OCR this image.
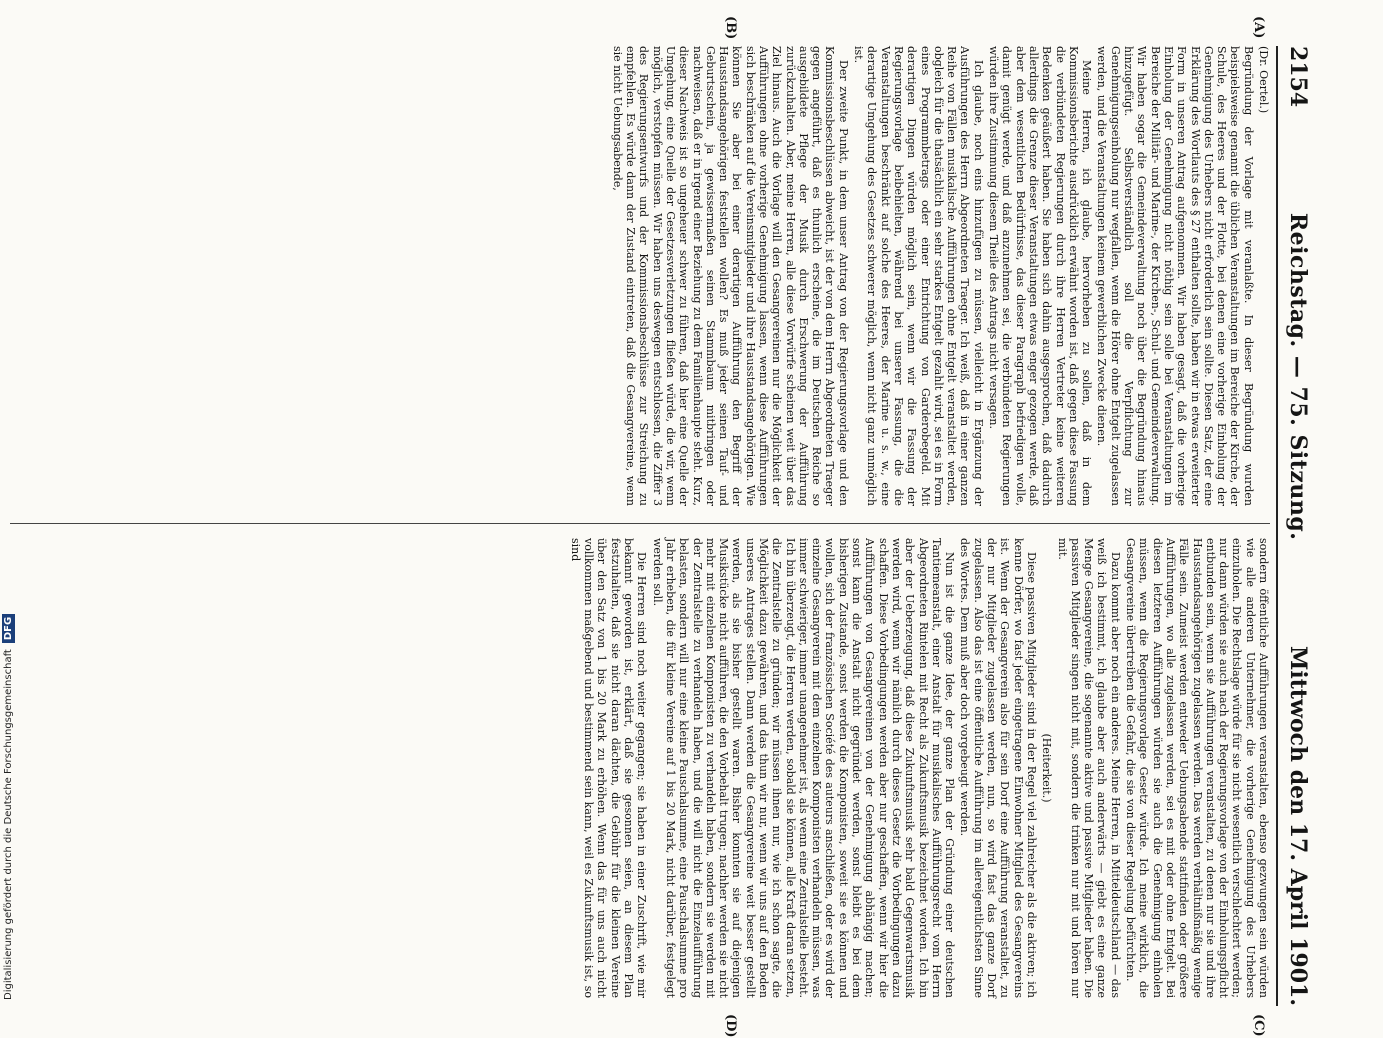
2154
Reichstag. — 75. Sitzung.
Mittwoch den 17. April 1901.
(A)
(B)
(C)
(D)

(Dr. Oertel.)

Begründung der Vorlage mit veranlaßte. In dieser Begründung wurden beispielsweise genannt die üblichen Veranstaltungen im Bereiche der Kirche, der Schule, des Heeres und der Flotte, bei denen eine vorherige Einholung der Genehmigung des Urhebers nicht erforderlich sein sollte. Diesen Satz, der eine Erklärung des Wortlauts des § 27 enthalten sollte, haben wir in etwas erweiterter Form in unseren Antrag aufgenommen. Wir haben gesagt, daß die vorherige Einholung der Genehmigung nicht nöthig sein solle bei Veranstaltungen im Bereiche der Militär- und Marine-, der Kirchen-, Schul- und Gemeindeverwaltung. Wir haben sogar die Gemeindeverwaltung noch über die Begründung hinaus hinzugefügt. Selbstverständlich soll die Verpflichtung zur Genehmigungseinholung nur wegfallen, wenn die Hörer ohne Entgelt zugelassen werden, und die Veranstaltungen keinem gewerblichen Zwecke dienen.

Meine Herren, ich glaube, hervorheben zu sollen, daß in dem Kommissionsberichte ausdrücklich erwähnt worden ist, daß gegen diese Fassung die verbündeten Regierungen durch ihre Herren Vertreter keine weiteren Bedenken geäußert haben. Sie haben sich dahin ausgesprochen, daß dadurch allerdings die Grenze dieser Veranstaltungen etwas enger gezogen werde, daß aber dem wesentlichen Bedürfnisse, das dieser Paragraph befriedigen wolle, damit genügt werde, und daß anzunehmen sei, die verbündeten Regierungen würden ihre Zustimmung diesem Theile des Antrags nicht versagen.

Ich glaube, noch eins hinzufügen zu müssen, vielleicht in Ergänzung der Ausführungen des Herrn Abgeordneten Traeger. Ich weiß, daß in einer ganzen Reihe von Fällen musikalische Aufführungen ohne Entgelt veranstaltet werden, obgleich für die thatsächlich ein sehr starkes Entgelt gezahlt wird, sei es in Form eines Programmbetrags oder einer Entrichtung von Garderobegeld. Mit derartigen Dingen würden möglich sein, wenn wir die Fassung der Regierungsvorlage beibehielten, während bei unserer Fassung, die die Veranstaltungen beschränkt auf solche des Heeres, der Marine u. s. w., eine derartige Umgehung des Gesetzes schwerer möglich, wenn nicht ganz unmöglich ist.

Der zweite Punkt, in dem unser Antrag von der Regierungsvorlage und den Kommissionsbeschlüssen abweicht, ist der von dem Herrn Abgeordneten Traeger gegen angeführt, daß es thunlich erscheine, die im Deutschen Reiche so ausgebildete Pflege der Musik durch Erschwerung der Aufführung zurückzuhalten. Aber, meine Herren, alle diese Vorwürfe scheinen weit über das Ziel hinaus. Auch die Vorlage will den Gesangvereinen nur die Möglichkeit der Aufführungen ohne vorherige Genehmigung lassen, wenn diese Aufführungen sich beschränken auf die Vereinsmitglieder und ihre Hausstandsangehörigen. Wie können Sie aber bei einer derartigen Aufführung den Begriff der Hausstandsangehörigen feststellen wollen? Es muß jeder seinen Tauf- und Geburtsschein, ja gewissermaßen seinen Stammbaum mitbringen oder nachweisen, daß er in irgend einer Beziehung zu dem Familienhaupte steht. Kurz, dieser Nachweis ist so ungeheuer schwer zu führen, daß hier eine Quelle der Umgehung, eine Quelle der Gesetzesverletzungen fließen würde, die wir, wenn möglich, verstopfen müssen. Wir haben uns deswegen entschlossen, die Ziffer 3 des Regierungsentwurfs und der Kommissionsbeschlüsse zur Streichung zu empfehlen. Es würde dann der Zustand eintreten, daß die Gesangvereine, wenn sie nicht Uebungsabende,

sondern öffentliche Aufführungen veranstalten, ebenso gezwungen sein würden wie alle anderen Unternehmer, die vorherige Genehmigung des Urhebers einzuholen. Die Rechtslage würde für sie nicht wesentlich verschlechtert werden; nur dann würden sie auch nach der Regierungsvorlage von der Einholungspflicht entbunden sein, wenn sie Aufführungen veranstalten, zu denen nur sie und ihre Hausstandsangehörigen zugelassen werden. Das werden verhältnißmäßig wenige Fälle sein. Zumeist werden entweder Uebungsabende stattfinden oder größere Aufführungen, wo alle zugelassen werden, sei es mit oder ohne Entgelt. Bei diesen letzteren Aufführungen würden sie auch die Genehmigung einholen müssen, wenn die Regierungsvorlage Gesetz würde. Ich meine wirklich, die Gesangvereine übertreiben die Gefahr, die sie von dieser Regelung befürchten.

Dazu kommt aber noch ein anderes. Meine Herren, in Mitteldeutschland — das weiß ich bestimmt, ich glaube aber auch anderwärts — giebt es eine ganze Menge Gesangvereine, die sogenannte aktive und passive Mitglieder haben. Die passiven Mitglieder singen nicht mit, sondern die trinken nur mit und hören nur mit.

(Heiterkeit.)

Diese passiven Mitglieder sind in der Regel viel zahlreicher als die aktiven; ich kenne Dörfer, wo fast jeder eingetragene Einwohner Mitglied des Gesangvereins ist. Wenn der Gesangverein also für sein Dorf eine Aufführung veranstaltet, zu der nur Mitglieder zugelassen werden, nun, so wird fast das ganze Dorf zugelassen. Also das ist eine öffentliche Aufführung im allereigentlichsten Sinne des Wortes. Dem muß aber doch vorgebeugt werden.

Nun ist die ganze Idee, der ganze Plan der Gründung einer deutschen Tantiemeanstalt, einer Anstalt für musikalisches Aufführungsrecht vom Herrn Abgeordneten Rintelen mit Recht als Zukunftsmusik bezeichnet worden. Ich bin aber der Ueberzeugung, daß diese Zukunftsmusik sehr bald Gegenwartsmusik werden wird, wenn wir nämlich durch dieses Gesetz die Vorbedingungen dazu schaffen. Diese Vorbedingungen werden aber nur geschaffen, wenn wir hier die Aufführungen von Gesangvereinen von der Genehmigung abhängig machen; sonst kann die Anstalt nicht gegründet werden, sonst bleibt es bei dem bisherigen Zustande, sonst werden die Komponisten, soweit sie es können und wollen, sich der französischen Société des auteurs anschließen, oder es wird der einzelne Gesangverein mit dem einzelnen Komponisten verhandeln müssen, was immer schwieriger, immer unangenehmer ist, als wenn eine Zentralstelle besteht. Ich bin überzeugt, die Herren werden, sobald sie können, alle Kraft daran setzen, die Zentralstelle zu gründen; wir müssen ihnen nur, wie ich schon sagte, die Möglichkeit dazu gewähren, und das thun wir nur, wenn wir uns auf den Boden unseres Antrages stellen. Dann werden die Gesangvereine weit besser gestellt werden, als sie bisher gestellt waren. Bisher konnten sie auf diejenigen Musikstücke nicht aufführen, die den Vorbehalt trugen; nachher werden sie nicht mehr mit einzelnen Komponisten zu verhandeln haben, sondern sie werden mit der Zentralstelle zu verhandeln haben, und die will nicht die Einzelaufführung belasten, sondern will nur eine kleine Pauschalsumme, eine Pauschalsumme pro Jahr erheben, die für kleine Vereine auf 1 bis 20 Mark, nicht darüber, festgelegt werden soll.

Die Herren sind noch weiter gegangen; sie haben in einer Zuschrift, wie mir bekannt geworden ist, erklärt, daß sie gesonnen seien, an diesem Plan festzuhalten, daß sie nicht daran dächten, die Gebühr für die kleinen Vereine über den Satz von 1 bis 20 Mark zu erhöhen. Wenn das für uns auch nicht vollkommen maßgebend und bestimmend sein kann, weil es Zukunftsmusik ist, so sind

Digitalisierung gefördert durch die Deutsche Forschungsgemeinschaft
DFG
